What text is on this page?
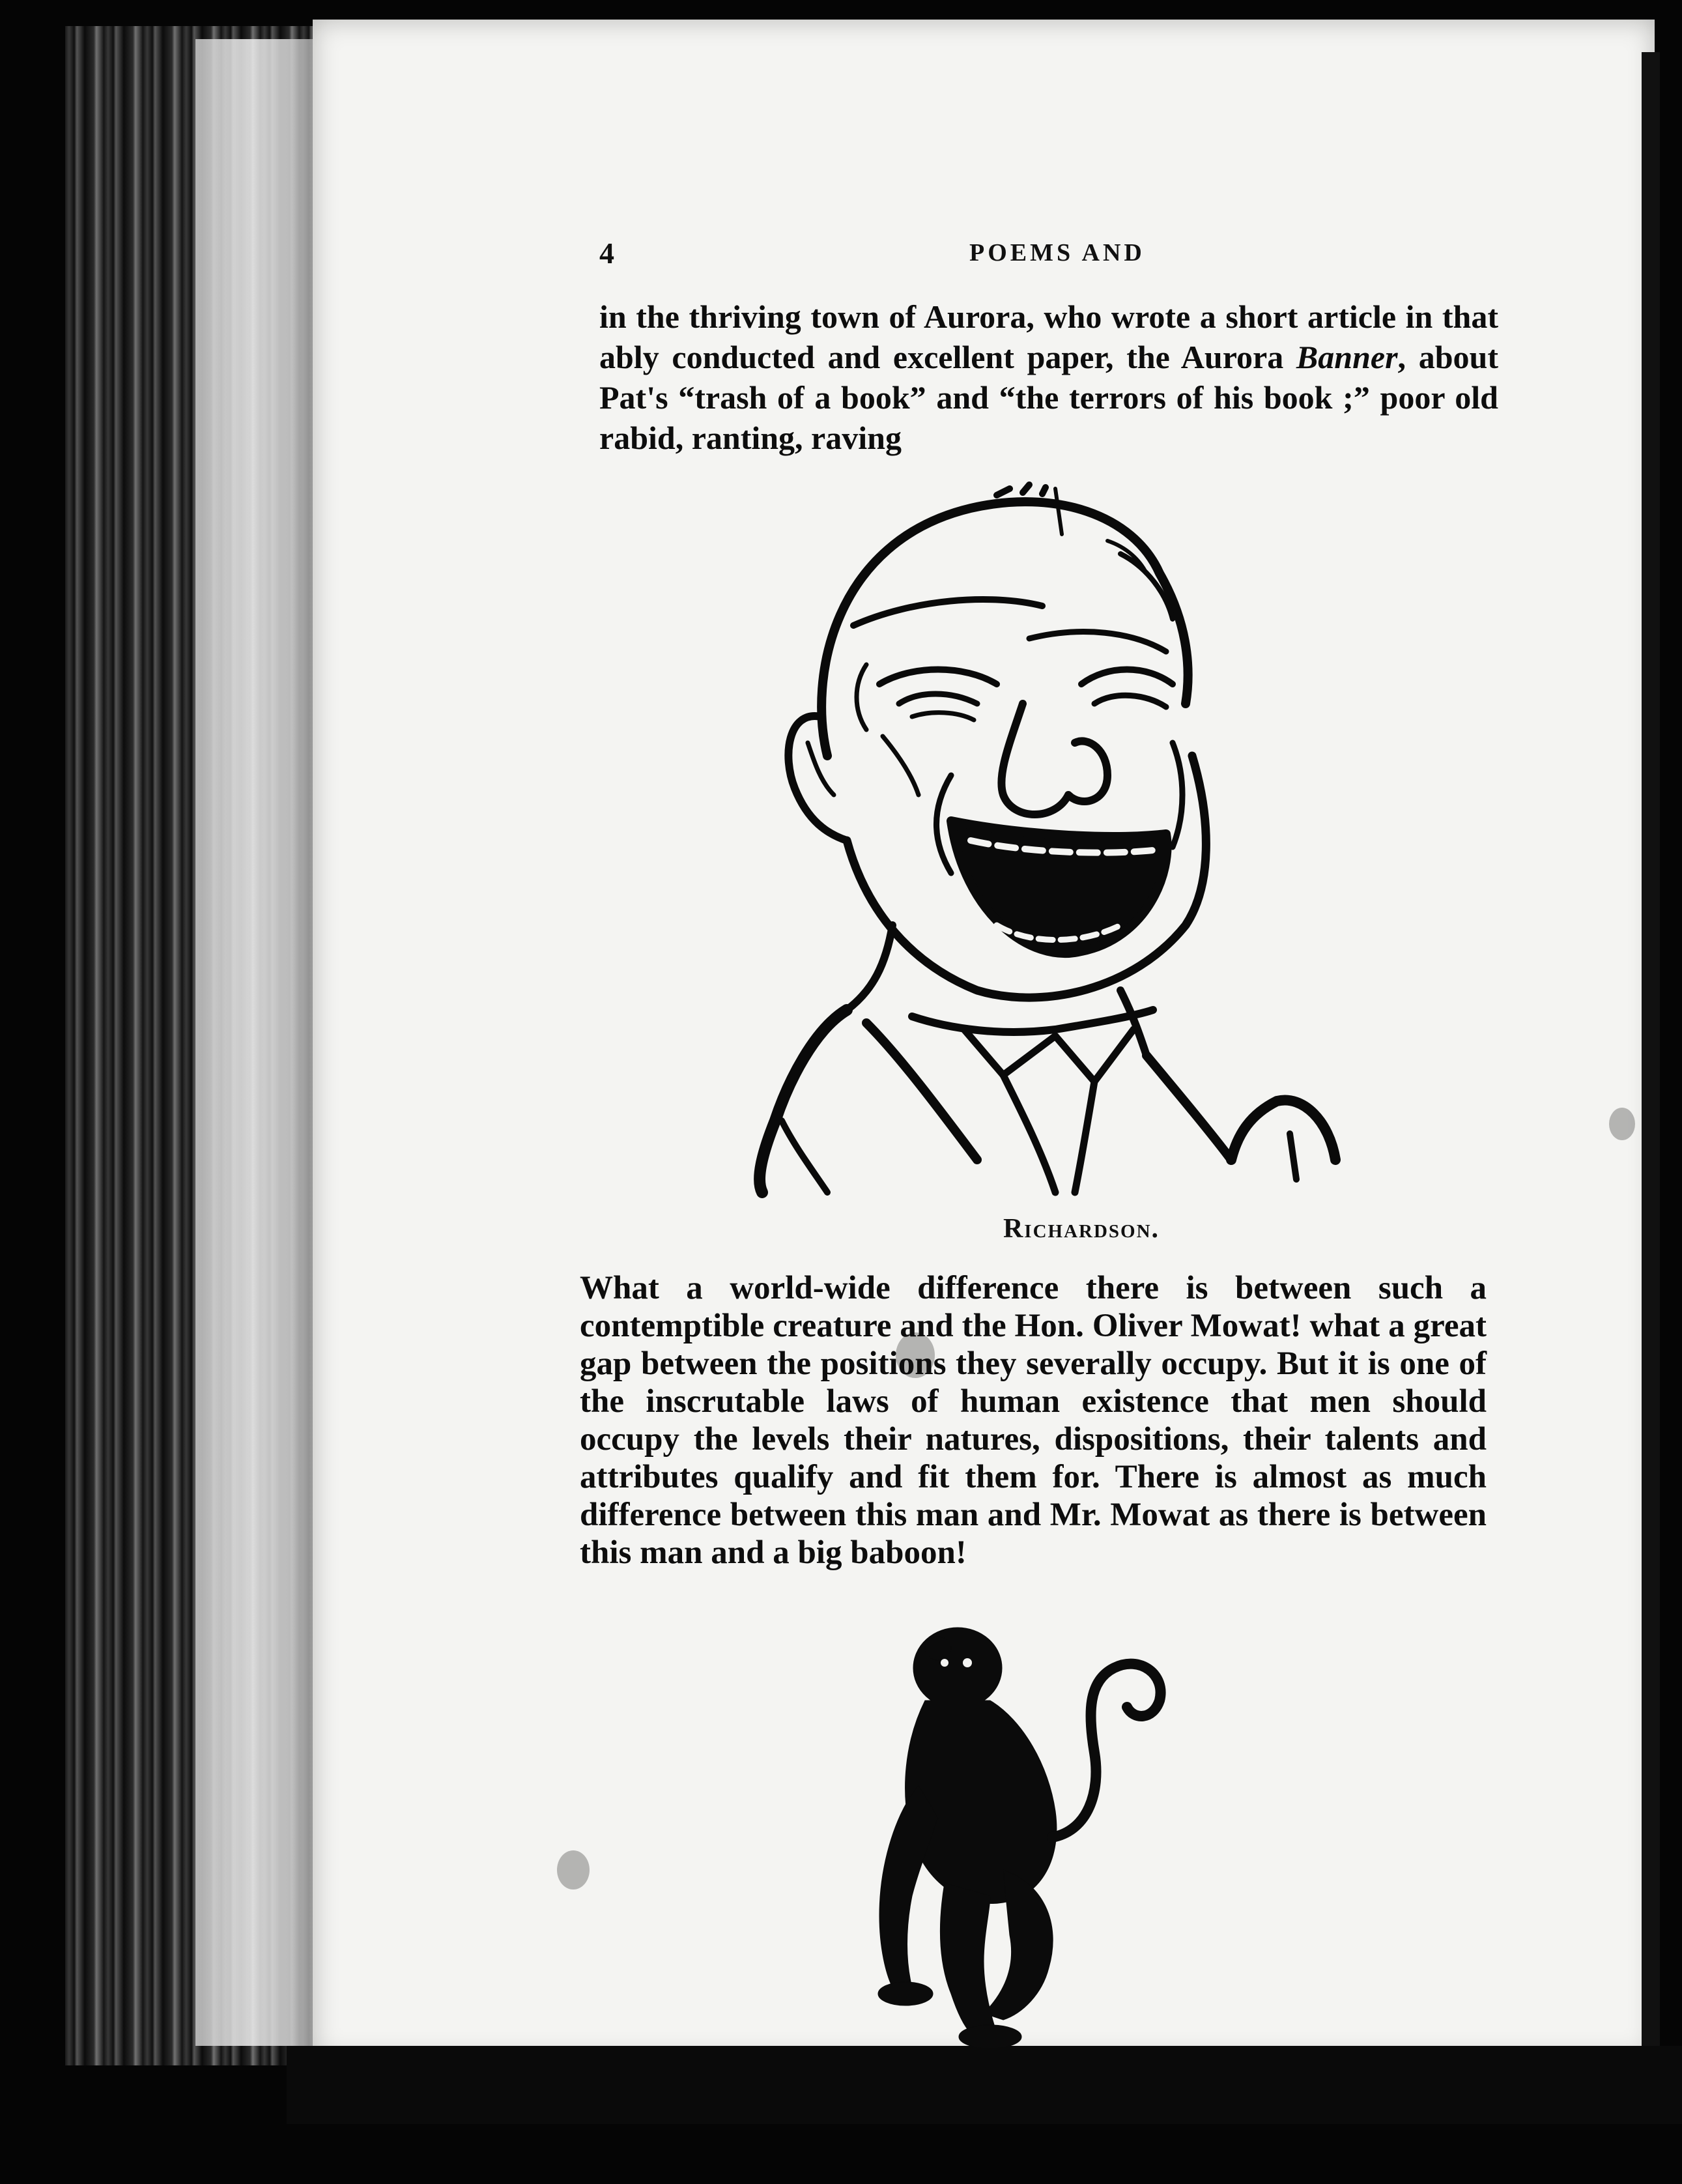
4	POEMS AND

in the thriving town of Aurora, who wrote a short article in that ably conducted and excellent paper, the Aurora Banner, about Pat's “trash of a book” and “the terrors of his book ;” poor old rabid, ranting, raving

Richardson.

What a world-wide difference there is between such a contemptible creature and the Hon. Oliver Mowat! what a great gap between the positions they severally occupy. But it is one of the inscrutable laws of human existence that men should occupy the levels their natures, dispositions, their talents and attributes qualify and fit them for. There is almost as much difference between this man and Mr. Mowat as there is between this man and a big baboon!
